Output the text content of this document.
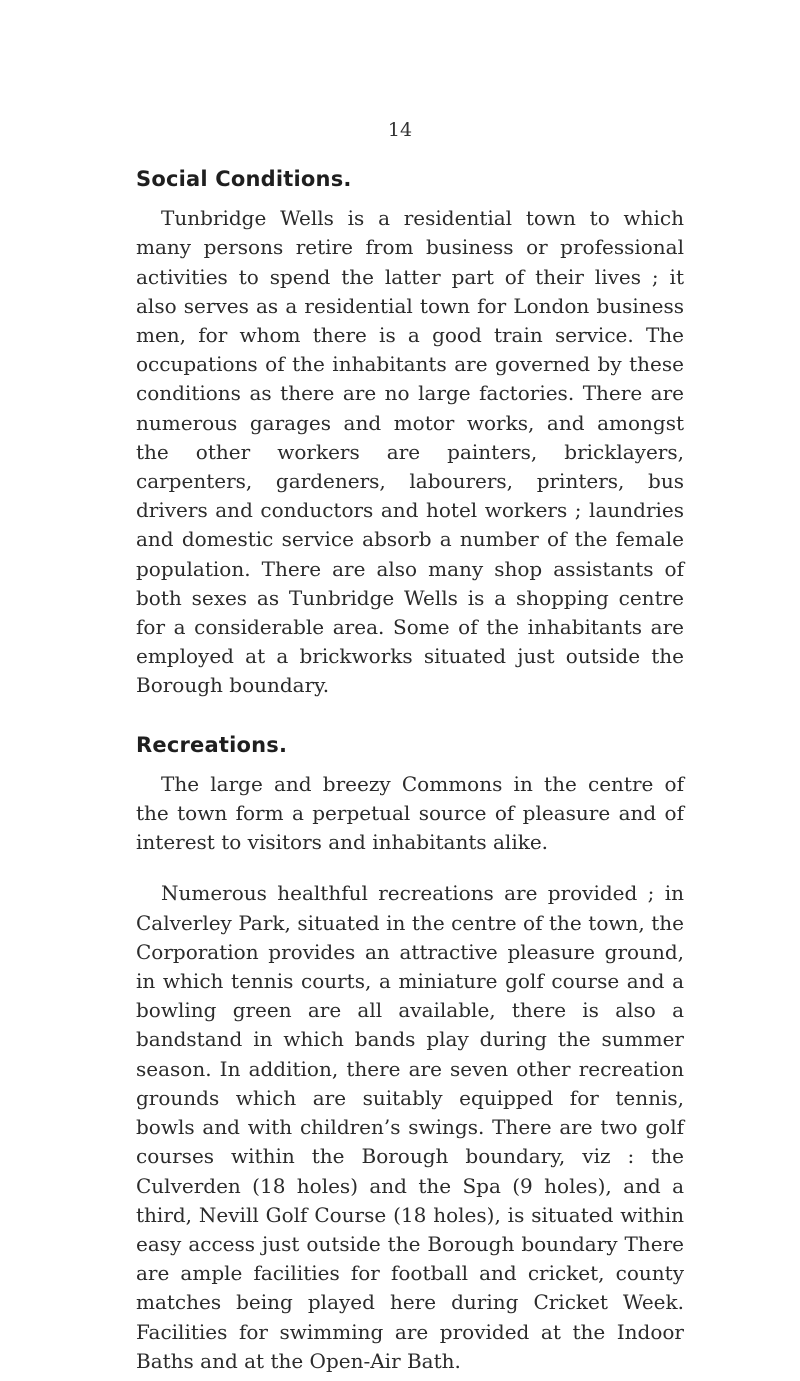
14
Social Conditions.

Tunbridge Wells is a residential town to which many persons retire from business or professional activities to spend the latter part of their lives ; it also serves as a residential town for London business men, for whom there is a good train service. The occupations of the inhabitants are governed by these conditions as there are no large factories. There are numerous garages and motor works, and amongst the other workers are painters, bricklayers, carpenters, gardeners, labourers, printers, bus drivers and conductors and hotel workers ; laundries and domestic service absorb a number of the female population. There are also many shop assistants of both sexes as Tunbridge Wells is a shopping centre for a considerable area. Some of the inhabitants are employed at a brickworks situated just outside the Borough boundary.

Recreations.

The large and breezy Commons in the centre of the town form a perpetual source of pleasure and of interest to visitors and inhabitants alike.

Numerous healthful recreations are provided ; in Calverley Park, situated in the centre of the town, the Corporation provides an attractive pleasure ground, in which tennis courts, a miniature golf course and a bowling green are all available, there is also a bandstand in which bands play during the summer season. In addition, there are seven other recreation grounds which are suitably equipped for tennis, bowls and with children’s swings. There are two golf courses within the Borough boundary, viz : the Culverden (18 holes) and the Spa (9 holes), and a third, Nevill Golf Course (18 holes), is situated within easy access just outside the Borough boundary There are ample facilities for football and cricket, county matches being played here during Cricket Week. Facilities for swimming are provided at the Indoor Baths and at the Open-Air Bath.
